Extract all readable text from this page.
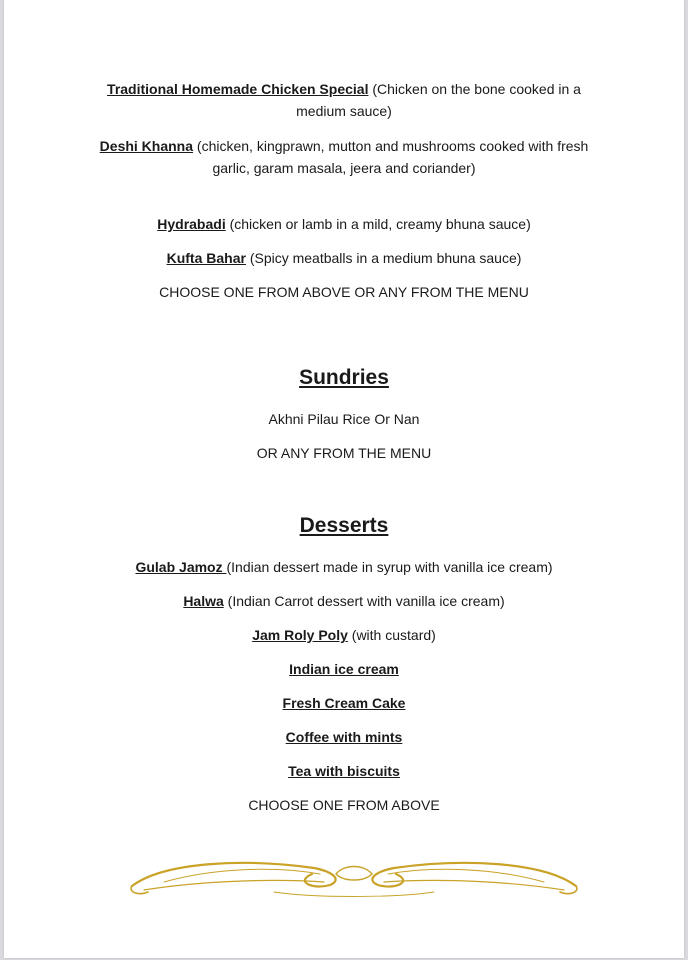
Traditional Homemade Chicken Special (Chicken on the bone cooked in a
medium sauce)
Deshi Khanna (chicken, kingprawn, mutton and mushrooms cooked with fresh
garlic, garam masala, jeera and coriander)
Hydrabadi (chicken or lamb in a mild, creamy bhuna sauce)
Kufta Bahar (Spicy meatballs in a medium bhuna sauce)
CHOOSE ONE FROM ABOVE OR ANY FROM THE MENU
Sundries
Akhni Pilau Rice Or Nan
OR ANY FROM THE MENU
Desserts
Gulab Jamoz (Indian dessert made in syrup with vanilla ice cream)
Halwa (Indian Carrot dessert with vanilla ice cream)
Jam Roly Poly (with custard)
Indian ice cream
Fresh Cream Cake
Coffee with mints
Tea with biscuits
CHOOSE ONE FROM ABOVE
